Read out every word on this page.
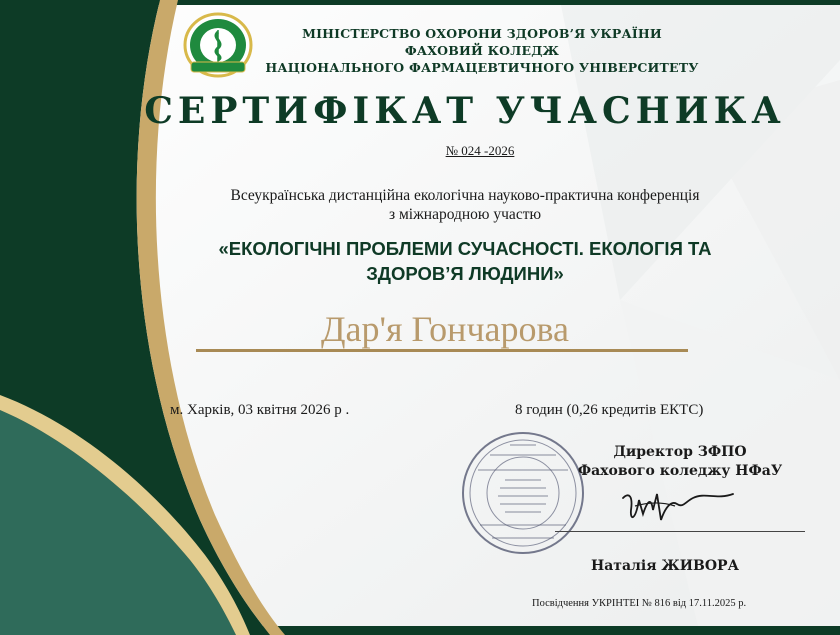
МІНІСТЕРСТВО ОХОРОНИ ЗДОРОВ’Я УКРАЇНИ
ФАХОВИЙ КОЛЕДЖ
НАЦІОНАЛЬНОГО ФАРМАЦЕВТИЧНОГО УНІВЕРСИТЕТУ
СЕРТИФІКАТ УЧАСНИКА
№ 024 -2026
Всеукраїнська дистанційна екологічна науково-практична конференція
з міжнародною участю
«ЕКОЛОГІЧНІ ПРОБЛЕМИ СУЧАСНОСТІ. ЕКОЛОГІЯ ТА
ЗДОРОВ’Я ЛЮДИНИ»
Дар'я Гончарова
м. Харків, 03 квітня 2026 р .	8 годин (0,26 кредитів ЕКТС)
Директор ЗФПО
Фахового коледжу НФаУ
Наталія ЖИВОРА
Посвідчення УКРІНТЕІ № 816 від 17.11.2025 р.
